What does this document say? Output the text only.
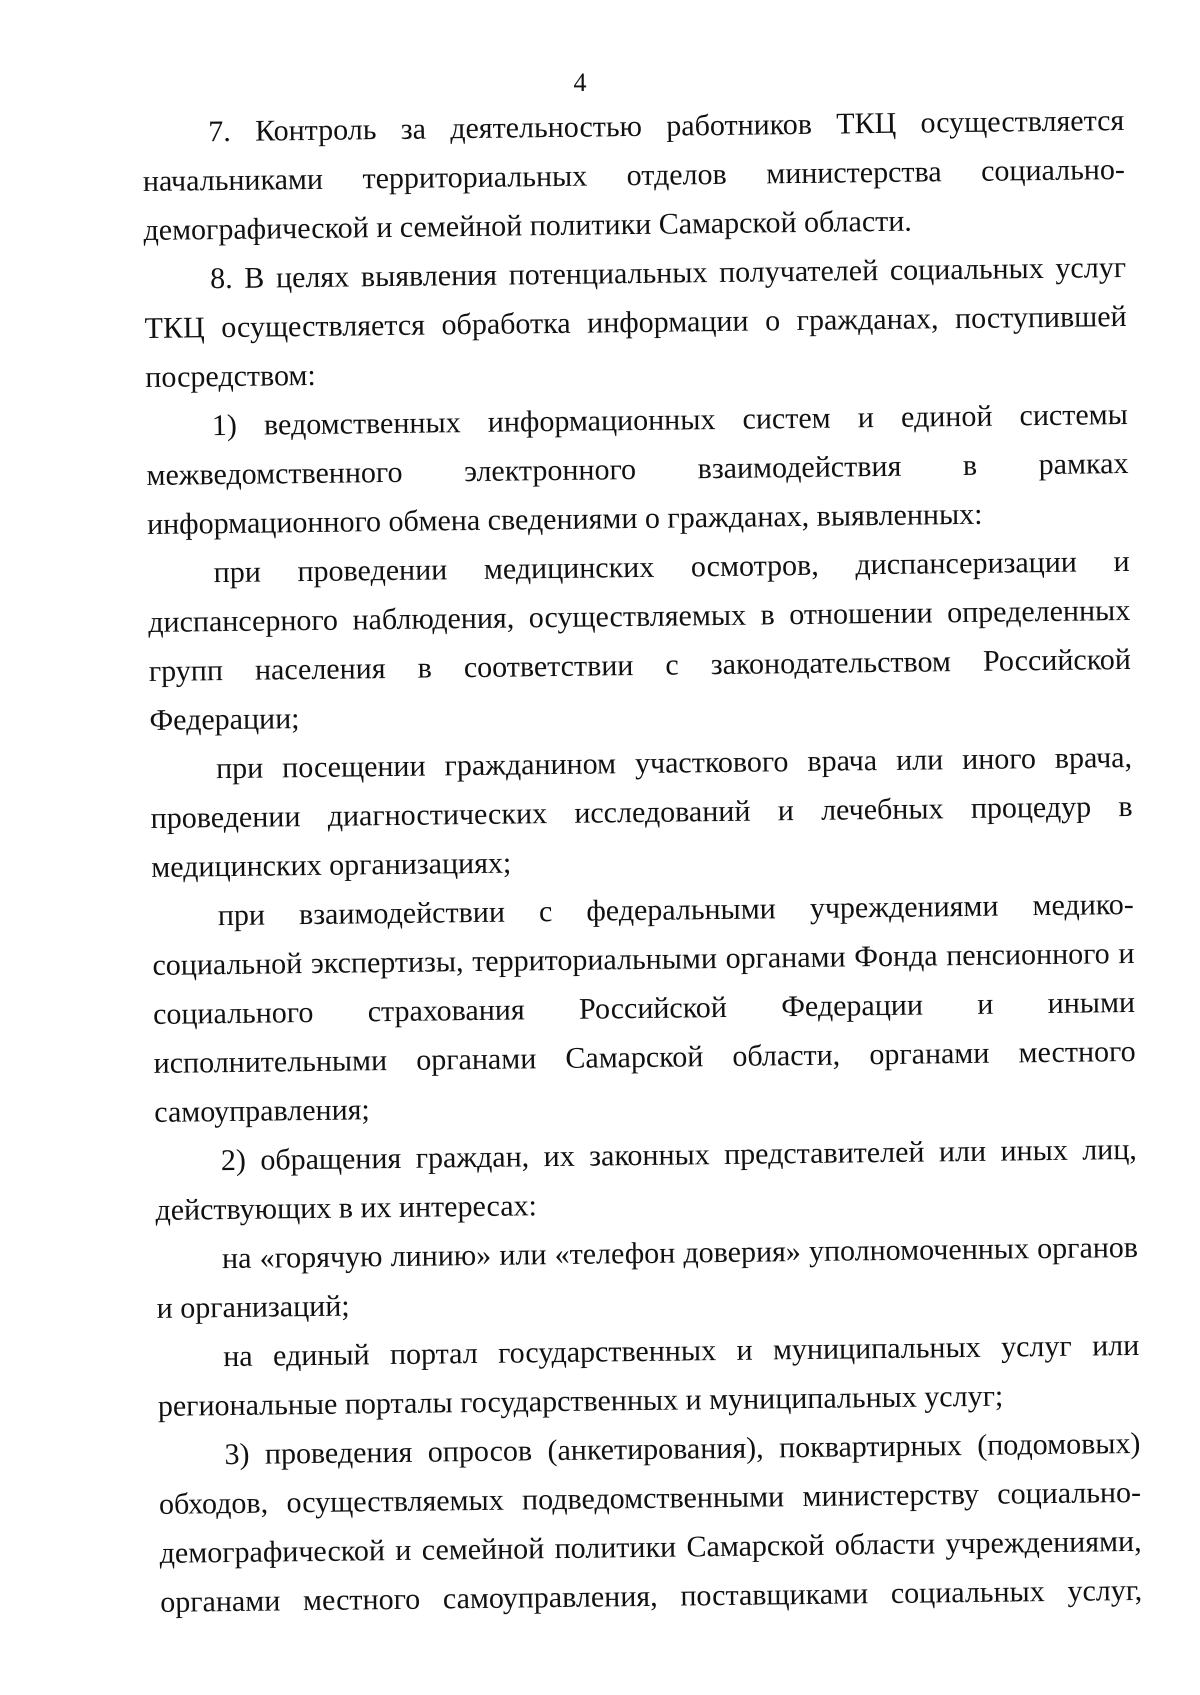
4

7. Контроль за деятельностью работников ТКЦ осуществляется начальниками территориальных отделов министерства социально-демографической и семейной политики Самарской области.

8. В целях выявления потенциальных получателей социальных услуг ТКЦ осуществляется обработка информации о гражданах, поступившей посредством:

1) ведомственных информационных систем и единой системы межведомственного электронного взаимодействия в рамках информационного обмена сведениями о гражданах, выявленных:

при проведении медицинских осмотров, диспансеризации и диспансерного наблюдения, осуществляемых в отношении определенных групп населения в соответствии с законодательством Российской Федерации;

при посещении гражданином участкового врача или иного врача, проведении диагностических исследований и лечебных процедур в медицинских организациях;

при взаимодействии с федеральными учреждениями медико-социальной экспертизы, территориальными органами Фонда пенсионного и социального страхования Российской Федерации и иными исполнительными органами Самарской области, органами местного самоуправления;

2) обращения граждан, их законных представителей или иных лиц, действующих в их интересах:

на «горячую линию» или «телефон доверия» уполномоченных органов и организаций;

на единый портал государственных и муниципальных услуг или региональные порталы государственных и муниципальных услуг;

3) проведения опросов (анкетирования), поквартирных (подомовых) обходов, осуществляемых подведомственными министерству социально-демографической и семейной политики Самарской области учреждениями, органами местного самоуправления, поставщиками социальных услуг,
